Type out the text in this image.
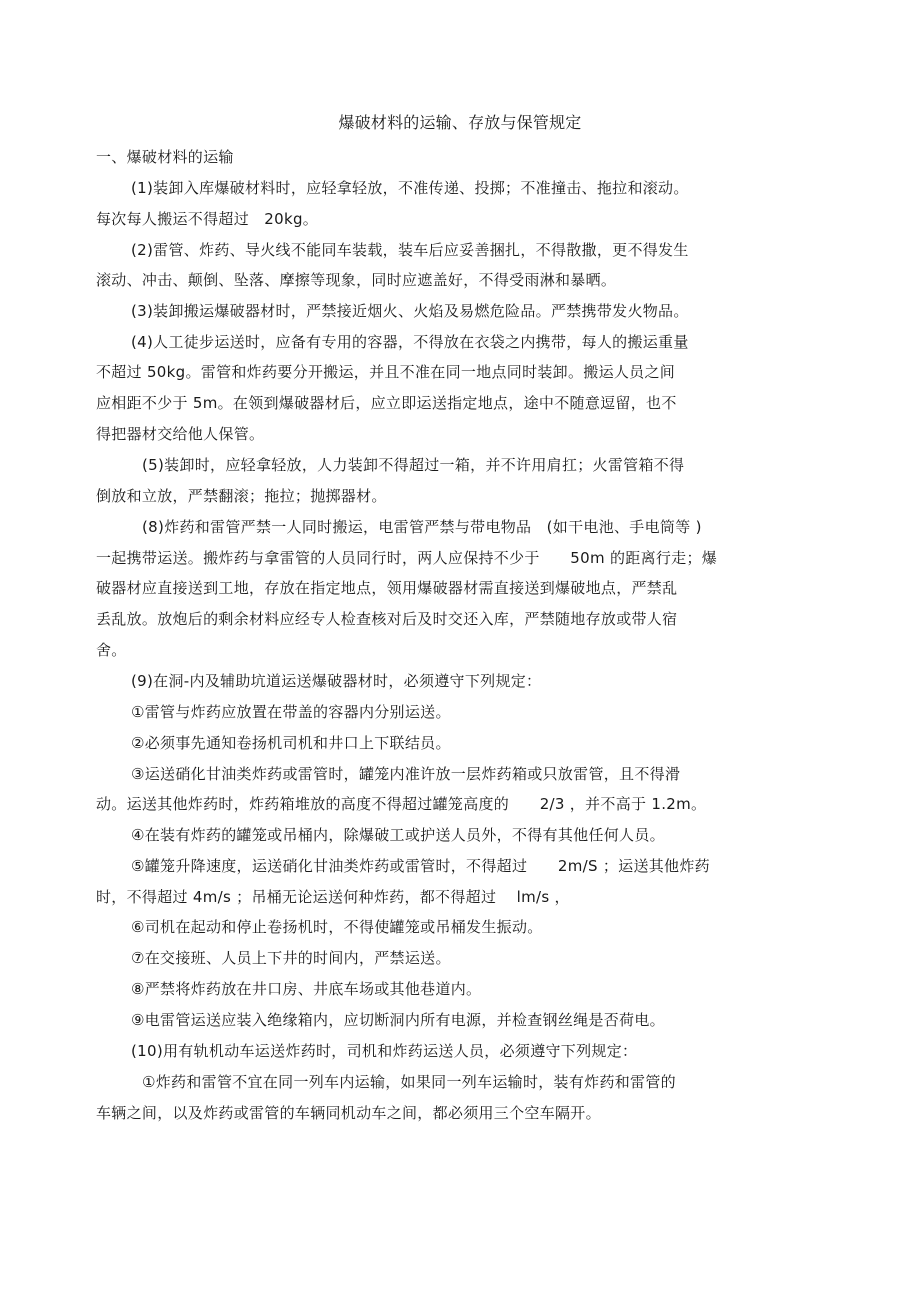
爆破材料的运输、存放与保管规定
一、爆破材料的运输
(1)装卸入库爆破材料时，应轻拿轻放，不准传递、投掷；不准撞击、拖拉和滚动。
每次每人搬运不得超过　20kg。
(2)雷管、炸药、导火线不能同车装载，装车后应妥善捆扎，不得散撒，更不得发生
滚动、冲击、颠倒、坠落、摩擦等现象，同时应遮盖好，不得受雨淋和暴晒。
(3)装卸搬运爆破器材时，严禁接近烟火、火焰及易燃危险品。严禁携带发火物品。
(4)人工徒步运送时，应备有专用的容器，不得放在衣袋之内携带，每人的搬运重量
不超过 50kg。雷管和炸药要分开搬运，并且不准在同一地点同时装卸。搬运人员之间
应相距不少于 5m。在领到爆破器材后，应立即运送指定地点，途中不随意逗留，也不
得把器材交给他人保管。
(5)装卸时，应轻拿轻放，人力装卸不得超过一箱，并不许用肩扛；火雷管箱不得
倒放和立放，严禁翻滚；拖拉；抛掷器材。
(8)炸药和雷管严禁一人同时搬运，电雷管严禁与带电物品　(如干电池、手电筒等 )
一起携带运送。搬炸药与拿雷管的人员同行时，两人应保持不少于　　50m 的距离行走；爆
破器材应直接送到工地，存放在指定地点，领用爆破器材需直接送到爆破地点，严禁乱
丢乱放。放炮后的剩余材料应经专人检查核对后及时交还入库，严禁随地存放或带人宿
舍。
(9)在洞-内及辅助坑道运送爆破器材时，必须遵守下列规定：
①雷管与炸药应放置在带盖的容器内分别运送。
②必须事先通知卷扬机司机和井口上下联结员。
③运送硝化甘油类炸药或雷管时，罐笼内准许放一层炸药箱或只放雷管，且不得滑
动。运送其他炸药时，炸药箱堆放的高度不得超过罐笼高度的　　2/3 ，并不高于 1.2m。
④在装有炸药的罐笼或吊桶内，除爆破工或护送人员外，不得有其他任何人员。
⑤罐笼升降速度，运送硝化甘油类炸药或雷管时，不得超过　　2m/S ；运送其他炸药
时，不得超过 4m/s ；吊桶无论运送何种炸药，都不得超过　 lm/s ，
⑥司机在起动和停止卷扬机时，不得使罐笼或吊桶发生振动。
⑦在交接班、人员上下井的时间内，严禁运送。
⑧严禁将炸药放在井口房、井底车场或其他巷道内。
⑨电雷管运送应装入绝缘箱内，应切断洞内所有电源，并检查钢丝绳是否荷电。
(10)用有轨机动车运送炸药时，司机和炸药运送人员，必须遵守下列规定：
①炸药和雷管不宜在同一列车内运输，如果同一列车运输时，装有炸药和雷管的
车辆之间，以及炸药或雷管的车辆同机动车之间，都必须用三个空车隔开。
